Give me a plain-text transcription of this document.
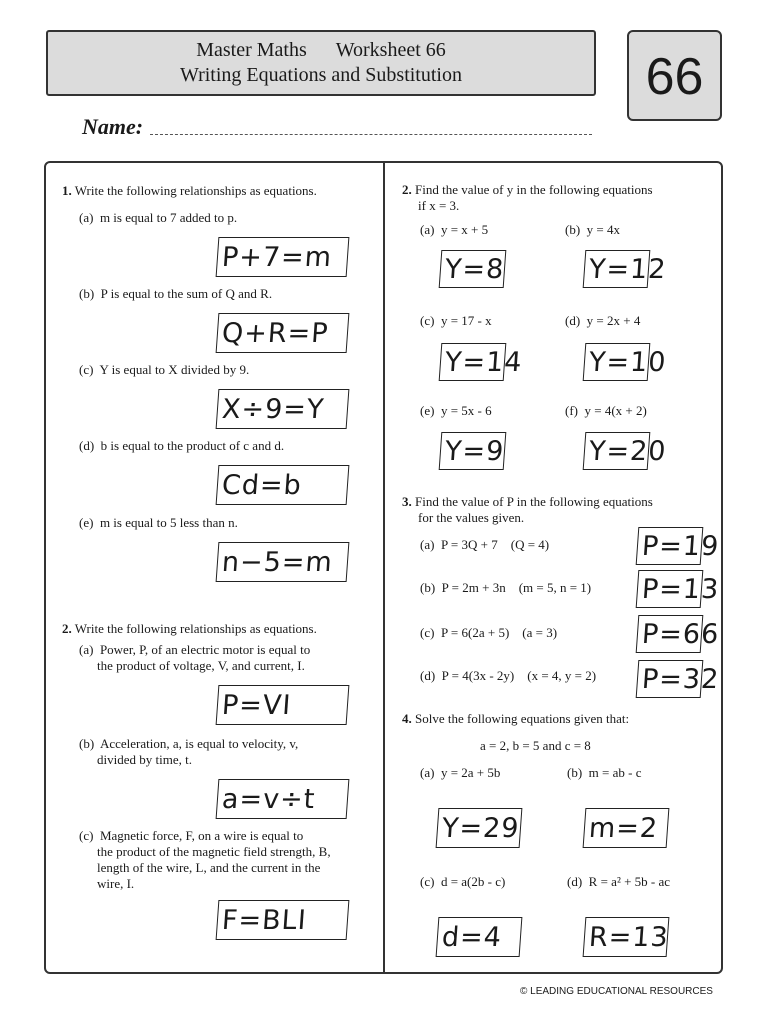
Master Maths Worksheet 66
Writing Equations and Substitution	66
Name:
1. Write the following relationships as equations.
(a) m is equal to 7 added to p.
P+7=m
(b) P is equal to the sum of Q and R.
Q+R=P
(c) Y is equal to X divided by 9.
X÷9=Y
(d) b is equal to the product of c and d.
Cd=b
(e) m is equal to 5 less than n.
n−5=m
2. Write the following relationships as equations.
(a) Power, P, of an electric motor is equal to
the product of voltage, V, and current, I.
P=VI
(b) Acceleration, a, is equal to velocity, v,
divided by time, t.
a=v÷t
(c) Magnetic force, F, on a wire is equal to
the product of the magnetic field strength, B,
length of the wire, L, and the current in the
wire, I.
F=BLI
2. Find the value of y in the following equations
if x = 3.
(a) y = x + 5	(b) y = 4x
Y=8	Y=12
(c) y = 17 - x	(d) y = 2x + 4
Y=14 Y=10
(e) y = 5x - 6	(f) y = 4(x + 2)
Y=9	Y=20
3. Find the value of P in the following equations
for the values given.
(a) P = 3Q + 7 (Q = 4)	P=19
(b) P = 2m + 3n (m = 5, n = 1) P=13
(c) P = 6(2a + 5) (a = 3)	P=66
(d) P = 4(3x - 2y) (x = 4, y = 2) P=32
4. Solve the following equations given that:
a = 2, b = 5 and c = 8
(a) y = 2a + 5b	(b) m = ab - c
Y=29 m=2
(c) d = a(2b - c)	(d) R = a² + 5b - ac
d=4	R=13
© LEADING EDUCATIONAL RESOURCES
